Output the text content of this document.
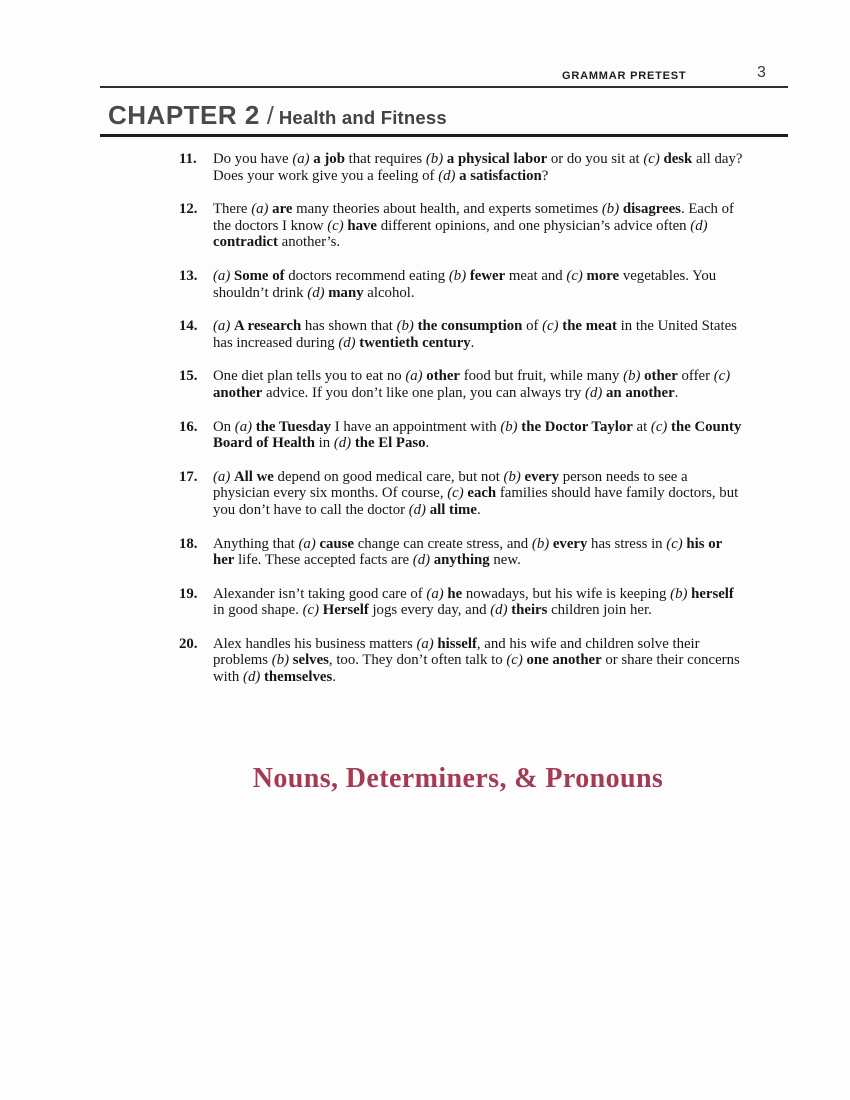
GRAMMAR PRETEST	3
CHAPTER 2 / Health and Fitness
11.	Do you have (a) a job that requires (b) a physical labor or do you sit at (c) desk all day?
Does your work give you a feeling of (d) a satisfaction?
12.	There (a) are many theories about health, and experts sometimes (b) disagrees. Each of
the doctors I know (c) have different opinions, and one physician’s advice often (d)
contradict another’s.
13.	(a) Some of doctors recommend eating (b) fewer meat and (c) more vegetables. You
shouldn’t drink (d) many alcohol.
14.	(a) A research has shown that (b) the consumption of (c) the meat in the United States
has increased during (d) twentieth century.
15.	One diet plan tells you to eat no (a) other food but fruit, while many (b) other offer (c)
another advice. If you don’t like one plan, you can always try (d) an another.
16.	On (a) the Tuesday I have an appointment with (b) the Doctor Taylor at (c) the County
Board of Health in (d) the El Paso.
17.	(a) All we depend on good medical care, but not (b) every person needs to see a
physician every six months. Of course, (c) each families should have family doctors, but
you don’t have to call the doctor (d) all time.
18.	Anything that (a) cause change can create stress, and (b) every has stress in (c) his or
her life. These accepted facts are (d) anything new.
19.	Alexander isn’t taking good care of (a) he nowadays, but his wife is keeping (b) herself
in good shape. (c) Herself jogs every day, and (d) theirs children join her.
20.	Alex handles his business matters (a) hisself, and his wife and children solve their
problems (b) selves, too. They don’t often talk to (c) one another or share their concerns
with (d) themselves.
Nouns, Determiners, & Pronouns
